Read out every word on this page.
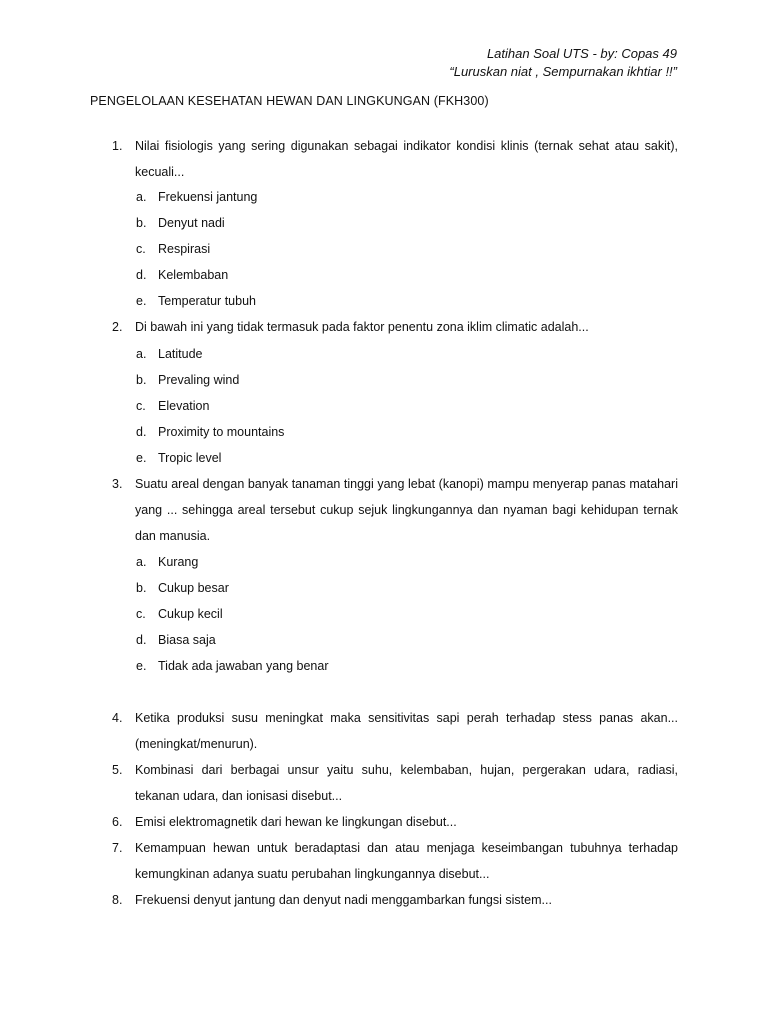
Latihan Soal UTS - by: Copas 49
“Luruskan niat , Sempurnakan ikhtiar !!”
PENGELOLAAN KESEHATAN HEWAN DAN LINGKUNGAN (FKH300)
1. Nilai fisiologis yang sering digunakan sebagai indikator kondisi klinis (ternak sehat atau sakit), kecuali...
a. Frekuensi jantung
b. Denyut nadi
c. Respirasi
d. Kelembaban
e. Temperatur tubuh
2. Di bawah ini yang tidak termasuk pada faktor penentu zona iklim climatic adalah...
a. Latitude
b. Prevaling wind
c. Elevation
d. Proximity to mountains
e. Tropic level
3. Suatu areal dengan banyak tanaman tinggi yang lebat (kanopi) mampu menyerap panas matahari yang ... sehingga areal tersebut cukup sejuk lingkungannya dan nyaman bagi kehidupan ternak dan manusia.
a. Kurang
b. Cukup besar
c. Cukup kecil
d. Biasa saja
e. Tidak ada jawaban yang benar
4. Ketika produksi susu meningkat maka sensitivitas sapi perah terhadap stess panas akan... (meningkat/menurun).
5. Kombinasi dari berbagai unsur yaitu suhu, kelembaban, hujan, pergerakan udara, radiasi, tekanan udara, dan ionisasi disebut...
6. Emisi elektromagnetik dari hewan ke lingkungan disebut...
7. Kemampuan hewan untuk beradaptasi dan atau menjaga keseimbangan tubuhnya terhadap kemungkinan adanya suatu perubahan lingkungannya disebut...
8. Frekuensi denyut jantung dan denyut nadi menggambarkan fungsi sistem...
